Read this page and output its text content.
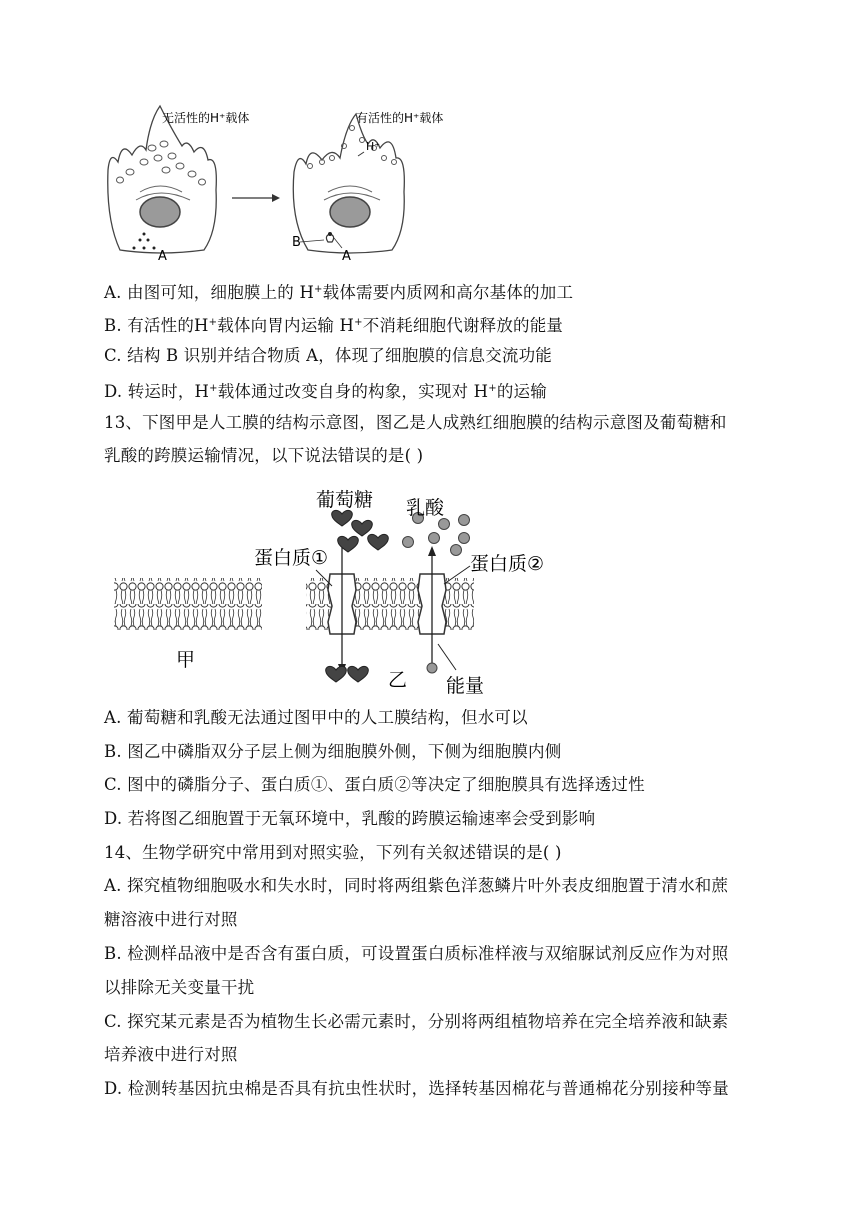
A
无活性的H⁺载体	有活性的H⁺载体
H⁺
B
A
A. 由图可知，细胞膜上的 H+载体需要内质网和高尔基体的加工
B. 有活性的H+载体向胃内运输 H+不消耗细胞代谢释放的能量
C. 结构 B 识别并结合物质 A，体现了细胞膜的信息交流功能
D. 转运时，H+载体通过改变自身的构象，实现对 H+的运输
13、下图甲是人工膜的结构示意图，图乙是人成熟红细胞膜的结构示意图及葡萄糖和
乳酸的跨膜运输情况，以下说法错误的是( )
甲
葡萄糖 乳酸
蛋白质①	蛋白质②
乙 能量
A. 葡萄糖和乳酸无法通过图甲中的人工膜结构，但水可以
B. 图乙中磷脂双分子层上侧为细胞膜外侧，下侧为细胞膜内侧
C. 图中的磷脂分子、蛋白质①、蛋白质②等决定了细胞膜具有选择透过性
D. 若将图乙细胞置于无氧环境中，乳酸的跨膜运输速率会受到影响
14、生物学研究中常用到对照实验，下列有关叙述错误的是( )
A. 探究植物细胞吸水和失水时，同时将两组紫色洋葱鳞片叶外表皮细胞置于清水和蔗
糖溶液中进行对照
B. 检测样品液中是否含有蛋白质，可设置蛋白质标准样液与双缩脲试剂反应作为对照
以排除无关变量干扰
C. 探究某元素是否为植物生长必需元素时，分别将两组植物培养在完全培养液和缺素
培养液中进行对照
D. 检测转基因抗虫棉是否具有抗虫性状时，选择转基因棉花与普通棉花分别接种等量
